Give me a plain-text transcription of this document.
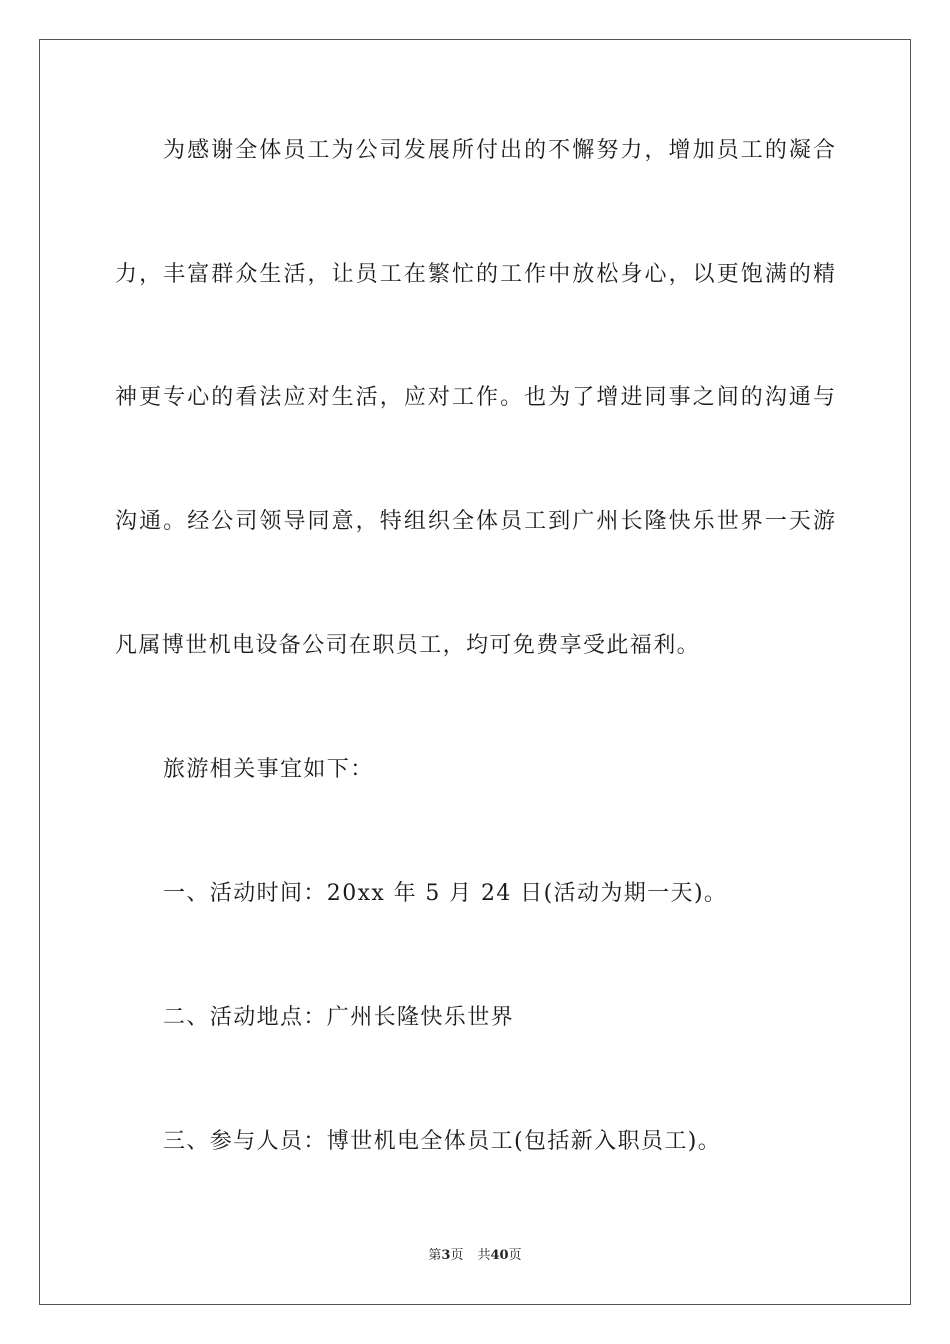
为感谢全体员工为公司发展所付出的不懈努力，增加员工的凝合
力，丰富群众生活，让员工在繁忙的工作中放松身心，以更饱满的精
神更专心的看法应对生活，应对工作。也为了增进同事之间的沟通与
沟通。经公司领导同意，特组织全体员工到广州长隆快乐世界一天游
凡属博世机电设备公司在职员工，均可免费享受此福利。
旅游相关事宜如下：
一、活动时间：20xx 年 5 月 24 日(活动为期一天)。
二、活动地点：广州长隆快乐世界
三、参与人员：博世机电全体员工(包括新入职员工)。
第3页 共40页
